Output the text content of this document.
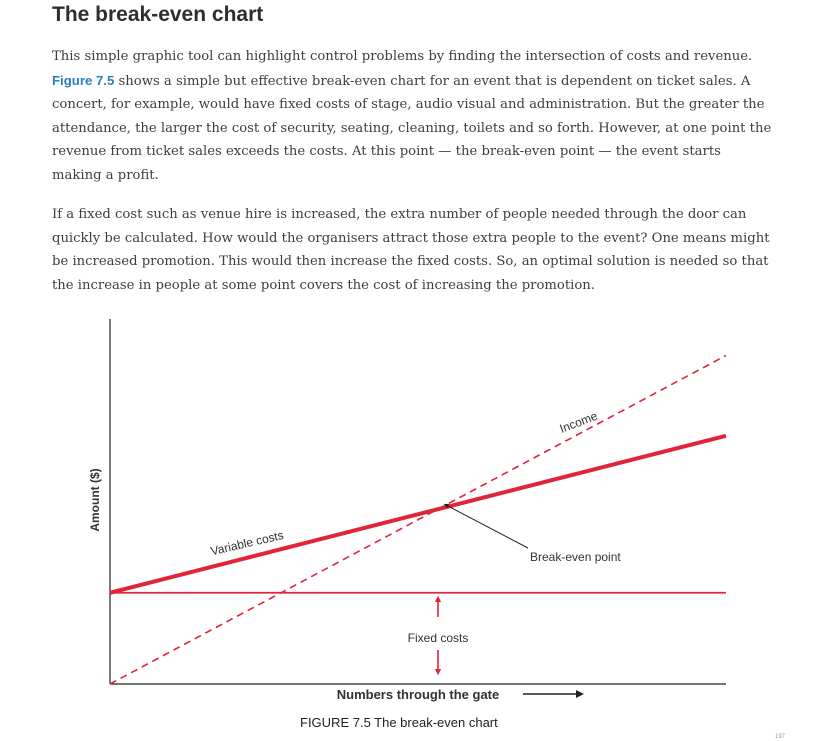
The break-even chart

This simple graphic tool can highlight control problems by finding the intersection of costs and revenue. Figure 7.5 shows a simple but effective break-even chart for an event that is dependent on ticket sales. A concert, for example, would have fixed costs of stage, audio visual and administration. But the greater the attendance, the larger the cost of security, seating, cleaning, toilets and so forth. However, at one point the revenue from ticket sales exceeds the costs. At this point — the break-even point — the event starts making a profit.

If a fixed cost such as venue hire is increased, the extra number of people needed through the door can quickly be calculated. How would the organisers attract those extra people to the event? One means might be increased promotion. This would then increase the fixed costs. So, an optimal solution is needed so that the increase in people at some point covers the cost of increasing the promotion.

Amount ($)
Variable costs
Income
Break-even point
Fixed costs
Numbers through the gate
FIGURE 7.5 The break-even chart
197
